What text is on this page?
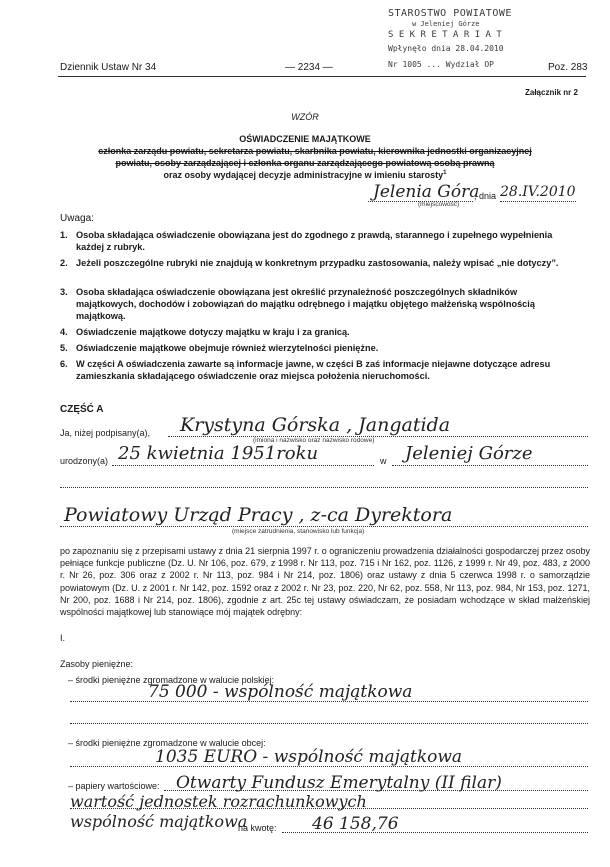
STAROSTWO POWIATOWE
w Jeleniej Górze
S E K R E T A R I A T
Wpłynęło dnia 28.04.2010
Nr 1005 ... Wydział OP
Dziennik Ustaw Nr 34	— 2234 —	Poz. 283
Załącznik nr 2
WZÓR
OŚWIADCZENIE MAJĄTKOWE
członka zarządu powiatu, sekretarza powiatu, skarbnika powiatu, kierownika jednostki organizacyjnej
powiatu, osoby zarządzającej i członka organu zarządzającego powiatową osobą prawną
oraz osoby wydającej decyzje administracyjne w imieniu starosty$^1$
Jelenia Góra
, dnia 28.IV.2010
(miejscowość)
Uwaga:
1. Osoba składająca oświadczenie obowiązana jest do zgodnego z prawdą, starannego i zupełnego wypełnienia każdej z rubryk.
2. Jeżeli poszczególne rubryki nie znajdują w konkretnym przypadku zastosowania, należy wpisać „nie dotyczy”.
3. Osoba składająca oświadczenie obowiązana jest określić przynależność poszczególnych składników majątkowych, dochodów i zobowiązań do majątku odrębnego i majątku objętego małżeńską wspólnością majątkową.
4. Oświadczenie majątkowe dotyczy majątku w kraju i za granicą.
5. Oświadczenie majątkowe obejmuje również wierzytelności pieniężne.
6. W części A oświadczenia zawarte są informacje jawne, w części B zaś informacje niejawne dotyczące adresu zamieszkania składającego oświadczenie oraz miejsca położenia nieruchomości.
CZĘŚĆ A
Ja, niżej podpisany(a), Krystyna Górska , Jangatida
(imiona i nazwisko oraz nazwisko rodowe)
urodzony(a) 25 kwietnia 1951roku	w Jeleniej Górze
Powiatowy Urząd Pracy , z-ca Dyrektora
(miejsce zatrudnienia, stanowisko lub funkcja)
po zapoznaniu się z przepisami ustawy z dnia 21 sierpnia 1997 r. o ograniczeniu prowadzenia działalności gospodarczej przez osoby pełniące funkcje publiczne (Dz. U. Nr 106, poz. 679, z 1998 r. Nr 113, poz. 715 i Nr 162, poz. 1126, z 1999 r. Nr 49, poz. 483, z 2000 r. Nr 26, poz. 306 oraz z 2002 r. Nr 113, poz. 984 i Nr 214, poz. 1806) oraz ustawy z dnia 5 czerwca 1998 r. o samorządzie powiatowym (Dz. U. z 2001 r. Nr 142, poz. 1592 oraz z 2002 r. Nr 23, poz. 220, Nr 62, poz. 558, Nr 113, poz. 984, Nr 153, poz. 1271, Nr 200, poz. 1688 i Nr 214, poz. 1806), zgodnie z art. 25c tej ustawy oświadczam, że posiadam wchodzące w skład małżeńskiej wspólności majątkowej lub stanowiące mój majątek odrębny:
I.
Zasoby pieniężne:
– środki pieniężne zgromadzone w walucie polskiej:
75 000 - wspólność majątkowa
– środki pieniężne zgromadzone w walucie obcej:
1035 EURO - wspólność majątkowa
– papiery wartościowe: Otwarty Fundusz Emerytalny (II filar)
wartość jednostek rozrachunkowych
wspólność majątkowa
na kwotę: 46 158,76
